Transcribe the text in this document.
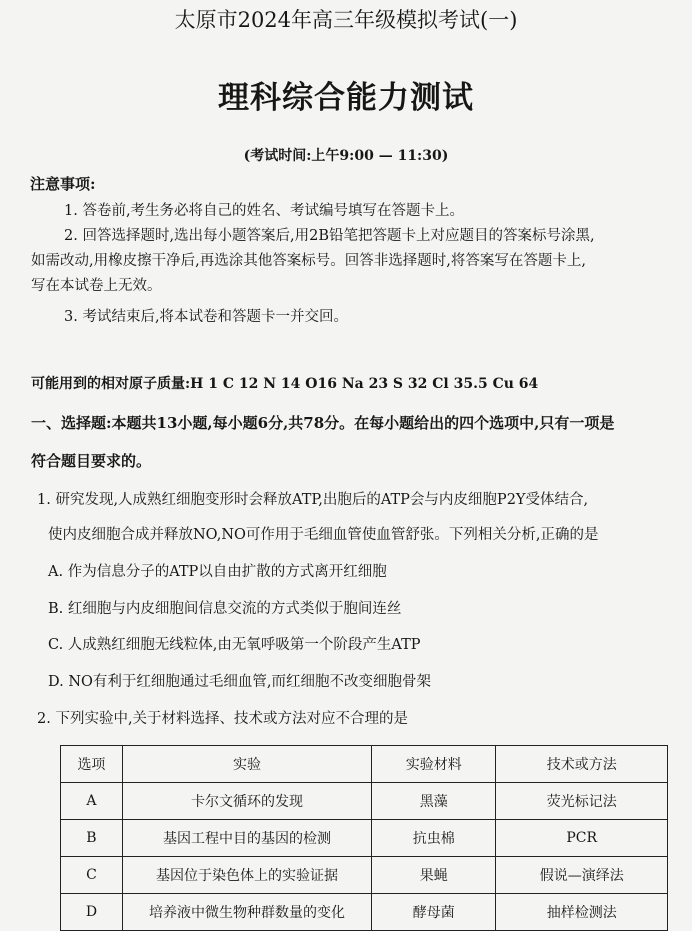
太原市2024年高三年级模拟考试(一)
理科综合能力测试
(考试时间:上午9:00 — 11:30)
注意事项:
1. 答卷前,考生务必将自己的姓名、考试编号填写在答题卡上。
2. 回答选择题时,选出每小题答案后,用2B铅笔把答题卡上对应题目的答案标号涂黑,
如需改动,用橡皮擦干净后,再选涂其他答案标号。回答非选择题时,将答案写在答题卡上,
写在本试卷上无效。
3. 考试结束后,将本试卷和答题卡一并交回。
可能用到的相对原子质量:H 1 C 12 N 14 O16 Na 23 S 32 Cl 35.5 Cu 64
一、选择题:本题共13小题,每小题6分,共78分。在每小题给出的四个选项中,只有一项是
符合题目要求的。
1. 研究发现,人成熟红细胞变形时会释放ATP,出胞后的ATP会与内皮细胞P2Y受体结合,
使内皮细胞合成并释放NO,NO可作用于毛细血管使血管舒张。下列相关分析,正确的是
A. 作为信息分子的ATP以自由扩散的方式离开红细胞
B. 红细胞与内皮细胞间信息交流的方式类似于胞间连丝
C. 人成熟红细胞无线粒体,由无氧呼吸第一个阶段产生ATP
D. NO有利于红细胞通过毛细血管,而红细胞不改变细胞骨架
2. 下列实验中,关于材料选择、技术或方法对应不合理的是
选项	实验	实验材料	技术或方法
A	卡尔文循环的发现	黑藻	荧光标记法
B	基因工程中目的基因的检测	抗虫棉	PCR
C	基因位于染色体上的实验证据	果蝇	假说—演绎法
D	培养液中微生物种群数量的变化	酵母菌	抽样检测法
